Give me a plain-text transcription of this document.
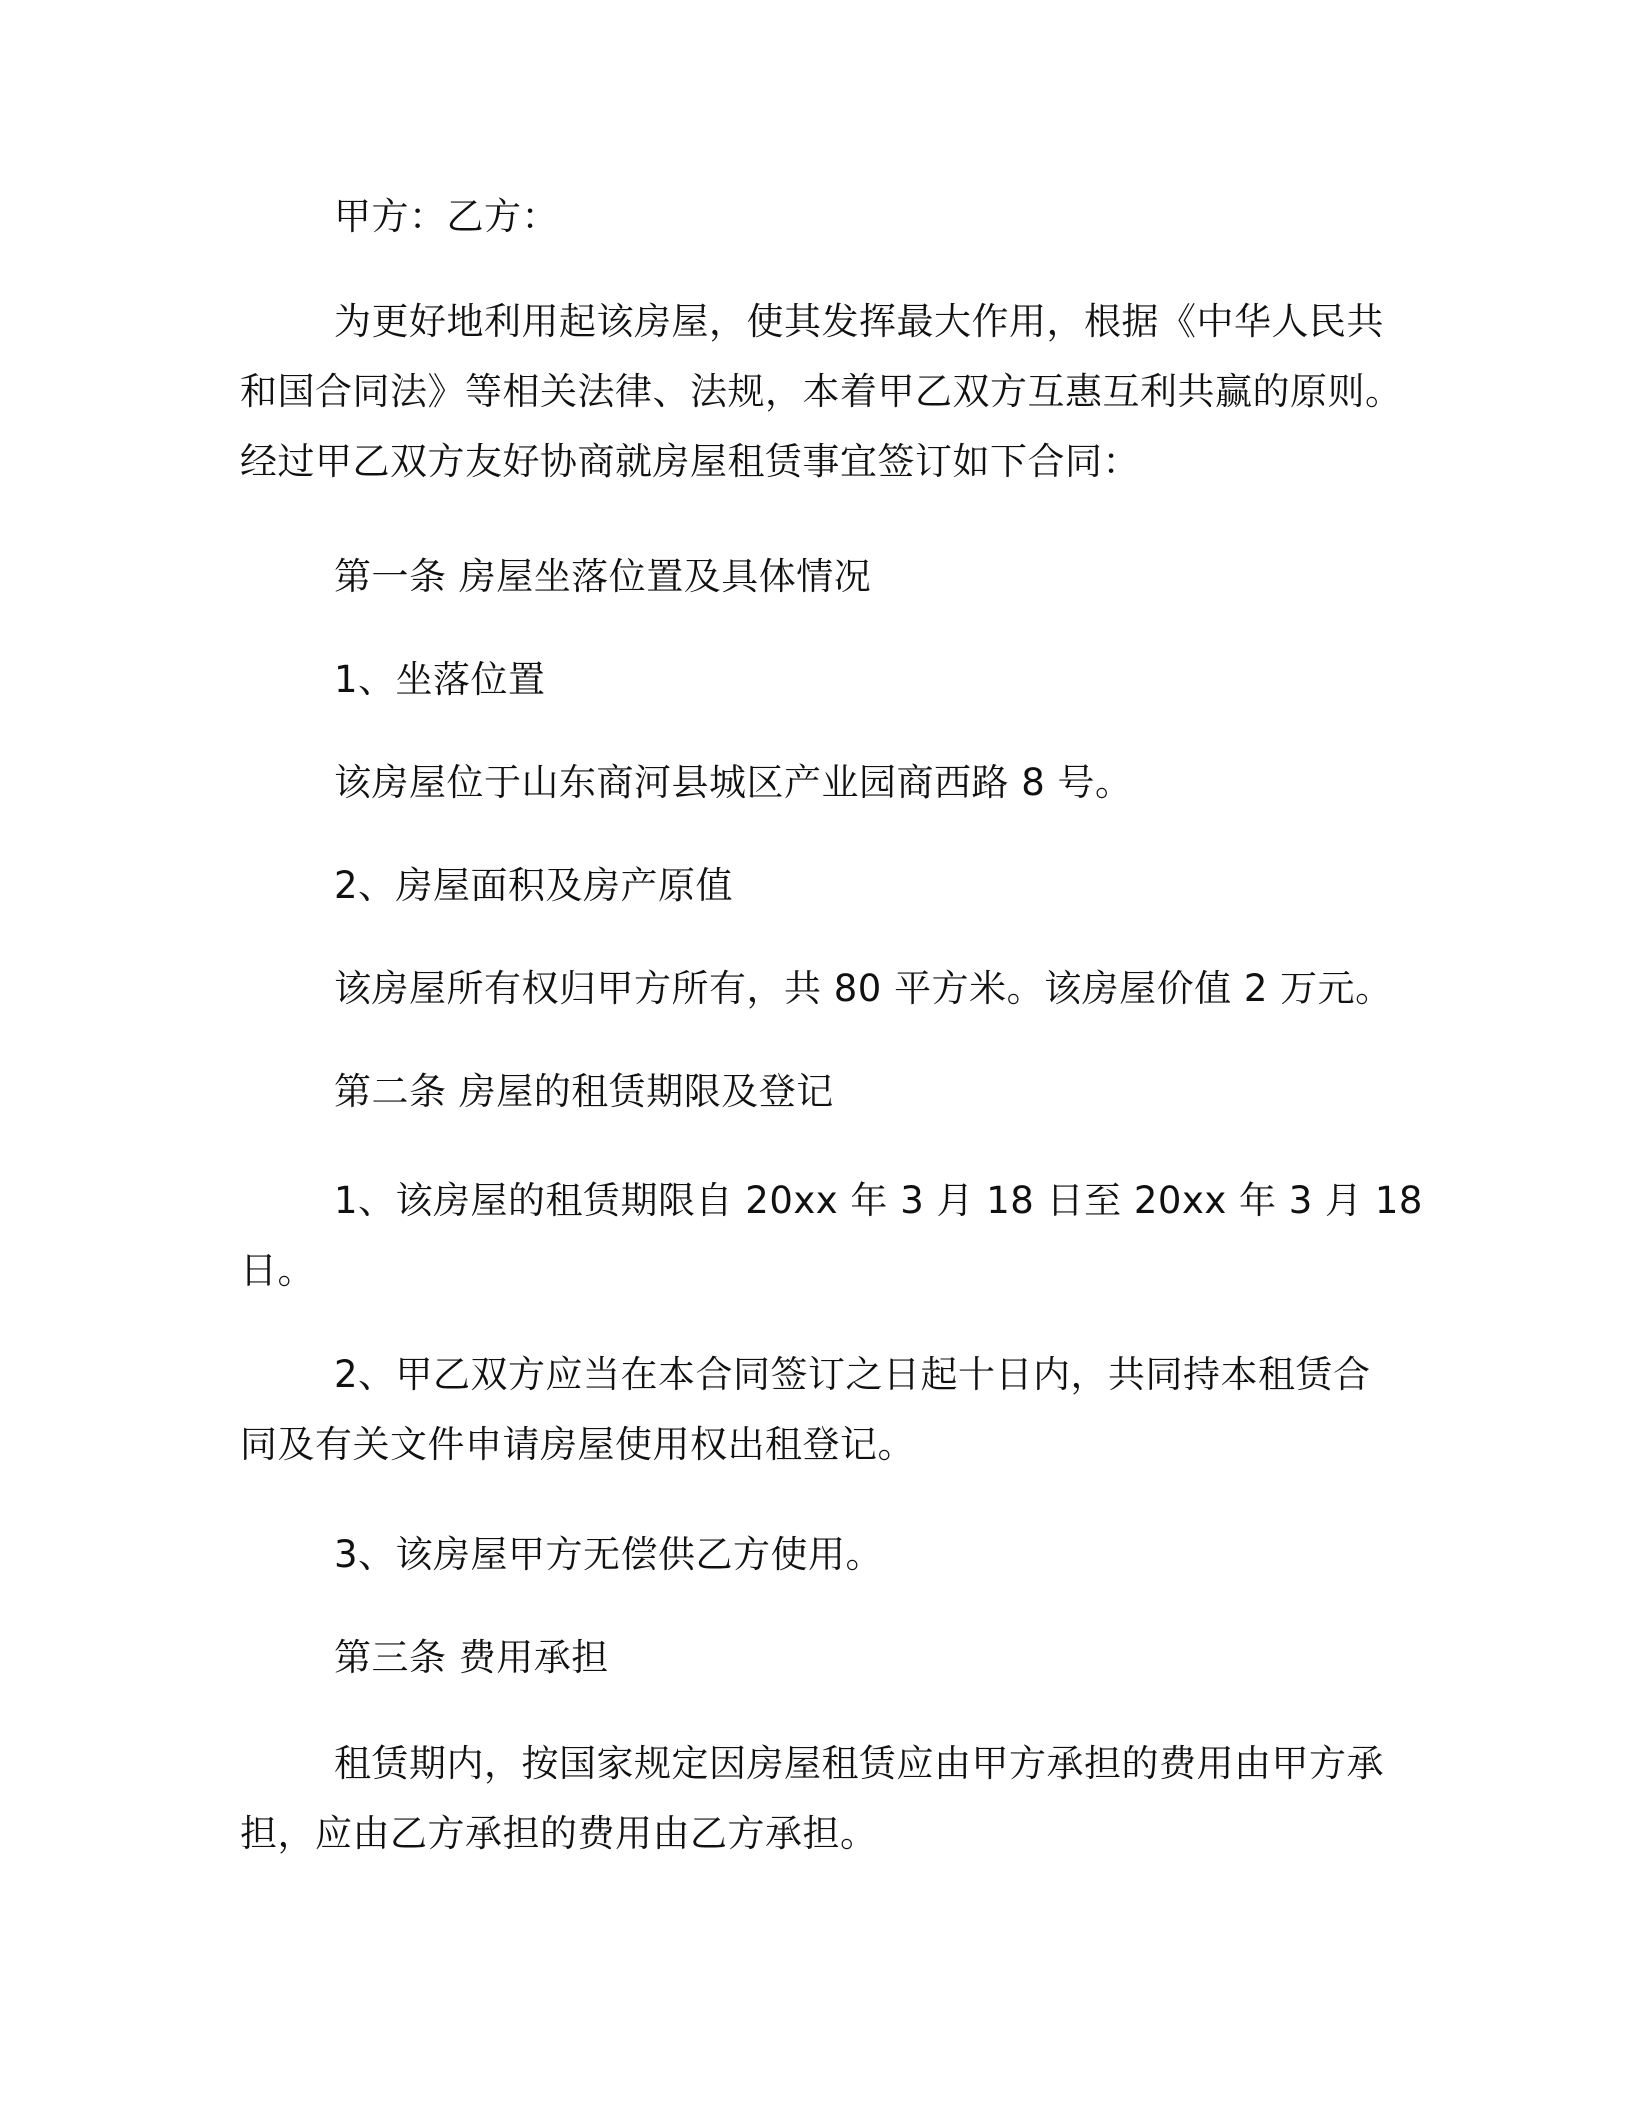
甲方：乙方：

为更好地利用起该房屋，使其发挥最大作用，根据《中华人民共
和国合同法》等相关法律、法规，本着甲乙双方互惠互利共赢的原则。
经过甲乙双方友好协商就房屋租赁事宜签订如下合同：

第一条 房屋坐落位置及具体情况

1、坐落位置

该房屋位于山东商河县城区产业园商西路 8 号。

2、房屋面积及房产原值

该房屋所有权归甲方所有，共 80 平方米。该房屋价值 2 万元。

第二条 房屋的租赁期限及登记

1、该房屋的租赁期限自 20xx 年 3 月 18 日至 20xx 年 3 月 18
日。

2、甲乙双方应当在本合同签订之日起十日内，共同持本租赁合
同及有关文件申请房屋使用权出租登记。

3、该房屋甲方无偿供乙方使用。

第三条 费用承担

租赁期内，按国家规定因房屋租赁应由甲方承担的费用由甲方承
担，应由乙方承担的费用由乙方承担。
